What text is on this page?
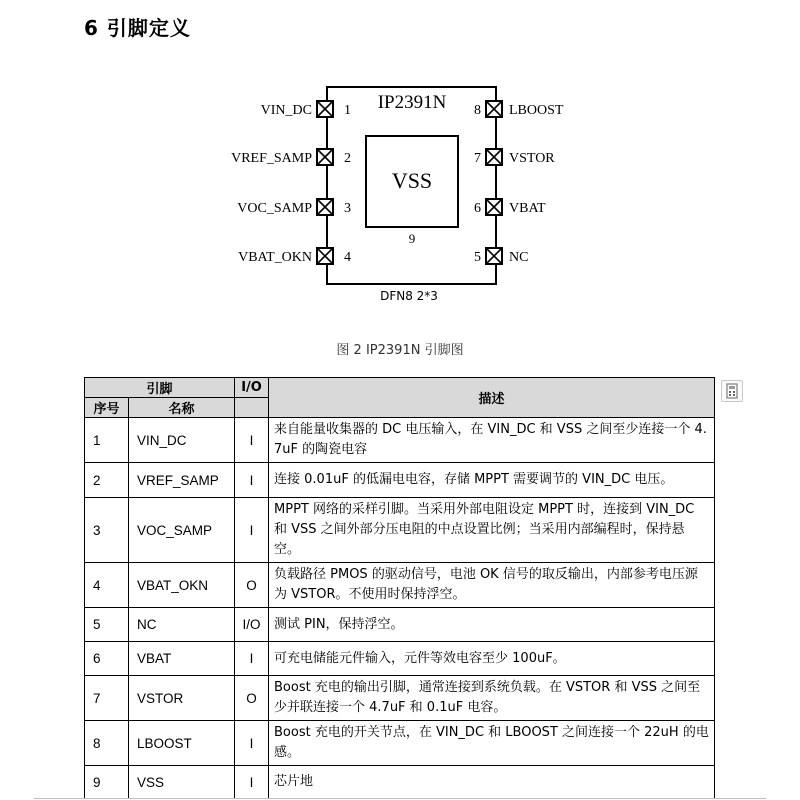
6 引脚定义
IP2391N
VSS
9
DFN8 2*3
VIN_DC 1
VREF_SAMP 2
VOC_SAMP 3
VBAT_OKN 4
LBOOST
8
VSTOR
7
VBAT
6
NC
5
图 2 IP2391N 引脚图
引脚		I/O	描述
序号	名称		
1	VIN_DC	I	来自能量收集器的 DC 电压输入，在 VIN_DC 和 VSS 之间至少连接一个 4.7uF 的陶瓷电容
2	VREF_SAMP	I	连接 0.01uF 的低漏电电容，存储 MPPT 需要调节的 VIN_DC 电压。
3	VOC_SAMP	I	MPPT 网络的采样引脚。当采用外部电阻设定 MPPT 时，连接到 VIN_DC 和 VSS 之间外部分压电阻的中点设置比例；当采用内部编程时，保持悬空。
4	VBAT_OKN	O	负载路径 PMOS 的驱动信号，电池 OK 信号的取反输出，内部参考电压源为 VSTOR。不使用时保持浮空。
5	NC	I/O	测试 PIN，保持浮空。
6	VBAT	I	可充电储能元件输入，元件等效电容至少 100uF。
7	VSTOR	O	Boost 充电的输出引脚，通常连接到系统负载。在 VSTOR 和 VSS 之间至少并联连接一个 4.7uF 和 0.1uF 电容。
8	LBOOST	I	Boost 充电的开关节点，在 VIN_DC 和 LBOOST 之间连接一个 22uH 的电感。
9	VSS	I	芯片地
